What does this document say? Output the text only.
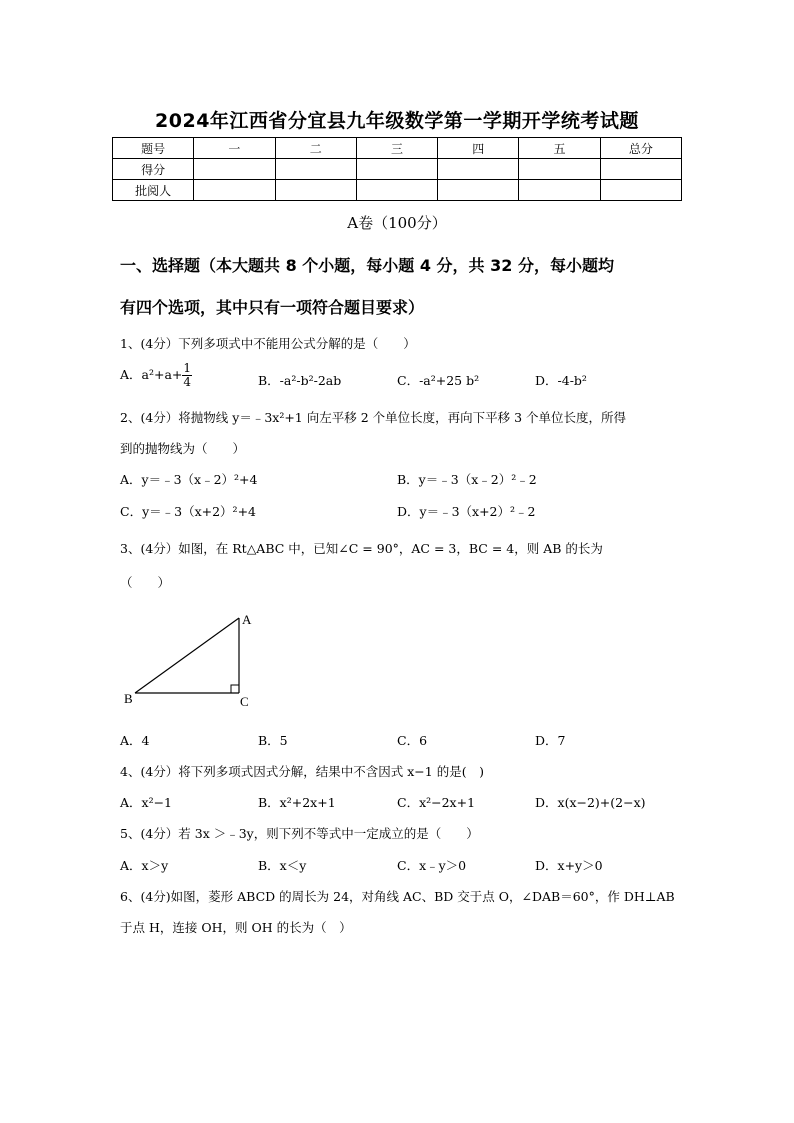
2024年江西省分宜县九年级数学第一学期开学统考试题
题号	一	二	三	四	五	总分
得分						
批阅人						
A卷（100分）
一、选择题（本大题共 8 个小题，每小题 4 分，共 32 分，每小题均
有四个选项，其中只有一项符合题目要求）
1、(4分）下列多项式中不能用公式分解的是（　　）
A．$a^2+a+ \frac{1}{4}$	B．-a²-b²-2ab	C．-a²+25 b²	D．-4-b²
2、(4分）将抛物线 y＝﹣3x²+1 向左平移 2 个单位长度，再向下平移 3 个单位长度，所得
到的抛物线为（　　）
A．y＝﹣3（x﹣2）²+4	B．y＝﹣3（x﹣2）²﹣2
C．y＝﹣3（x+2）²+4	D．y＝﹣3（x+2）²﹣2
3、(4分）如图，在 Rt△ABC 中，已知∠C = 90°，AC = 3，BC = 4，则 AB 的长为
（　　）
A
B	C
A．4	B．5	C．6	D．7
4、(4分）将下列多项式因式分解，结果中不含因式 x−1 的是(　)
A．x²−1	B．x²+2x+1	C．x²−2x+1	D．x(x−2)+(2−x)
5、(4分）若 3x ＞﹣3y，则下列不等式中一定成立的是（　　）
A．x＞y	B．x＜y	C．x﹣y＞0	D．x+y＞0
6、(4分)如图，菱形 ABCD 的周长为 24，对角线 AC、BD 交于点 O，∠DAB＝60°，作 DH⊥AB
于点 H，连接 OH，则 OH 的长为（　）
